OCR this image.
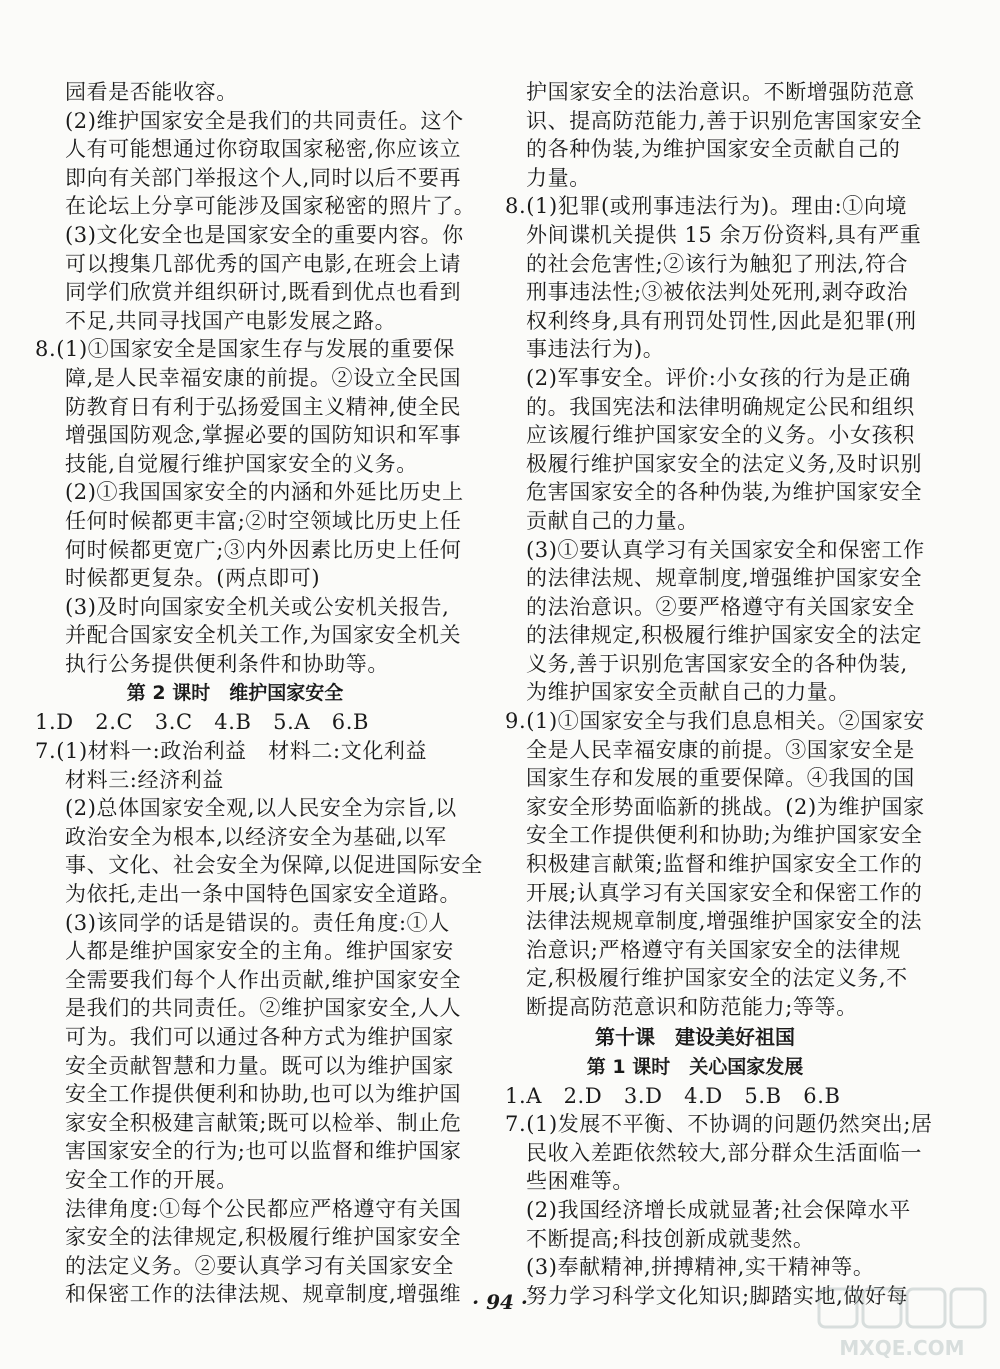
园看是否能收容。
(2)维护国家安全是我们的共同责任。这个
人有可能想通过你窃取国家秘密,你应该立
即向有关部门举报这个人,同时以后不要再
在论坛上分享可能涉及国家秘密的照片了。
(3)文化安全也是国家安全的重要内容。你
可以搜集几部优秀的国产电影,在班会上请
同学们欣赏并组织研讨,既看到优点也看到
不足,共同寻找国产电影发展之路。
8.(1)①国家安全是国家生存与发展的重要保
障,是人民幸福安康的前提。②设立全民国
防教育日有利于弘扬爱国主义精神,使全民
增强国防观念,掌握必要的国防知识和军事
技能,自觉履行维护国家安全的义务。
(2)①我国国家安全的内涵和外延比历史上
任何时候都更丰富;②时空领域比历史上任
何时候都更宽广;③内外因素比历史上任何
时候都更复杂。(两点即可)
(3)及时向国家安全机关或公安机关报告,
并配合国家安全机关工作,为国家安全机关
执行公务提供便利条件和协助等。
第 2 课时　维护国家安全
1.D　2.C　3.C　4.B　5.A　6.B
7.(1)材料一:政治利益　材料二:文化利益
材料三:经济利益
(2)总体国家安全观,以人民安全为宗旨,以
政治安全为根本,以经济安全为基础,以军
事、文化、社会安全为保障,以促进国际安全
为依托,走出一条中国特色国家安全道路。
(3)该同学的话是错误的。责任角度:①人
人都是维护国家安全的主角。维护国家安
全需要我们每个人作出贡献,维护国家安全
是我们的共同责任。②维护国家安全,人人
可为。我们可以通过各种方式为维护国家
安全贡献智慧和力量。既可以为维护国家
安全工作提供便利和协助,也可以为维护国
家安全积极建言献策;既可以检举、制止危
害国家安全的行为;也可以监督和维护国家
安全工作的开展。
法律角度:①每个公民都应严格遵守有关国
家安全的法律规定,积极履行维护国家安全
的法定义务。②要认真学习有关国家安全
和保密工作的法律法规、规章制度,增强维
护国家安全的法治意识。不断增强防范意
识、提高防范能力,善于识别危害国家安全
的各种伪装,为维护国家安全贡献自己的
力量。
8.(1)犯罪(或刑事违法行为)。理由:①向境
外间谍机关提供 15 余万份资料,具有严重
的社会危害性;②该行为触犯了刑法,符合
刑事违法性;③被依法判处死刑,剥夺政治
权利终身,具有刑罚处罚性,因此是犯罪(刑
事违法行为)。
(2)军事安全。评价:小女孩的行为是正确
的。我国宪法和法律明确规定公民和组织
应该履行维护国家安全的义务。小女孩积
极履行维护国家安全的法定义务,及时识别
危害国家安全的各种伪装,为维护国家安全
贡献自己的力量。
(3)①要认真学习有关国家安全和保密工作
的法律法规、规章制度,增强维护国家安全
的法治意识。②要严格遵守有关国家安全
的法律规定,积极履行维护国家安全的法定
义务,善于识别危害国家安全的各种伪装,
为维护国家安全贡献自己的力量。
9.(1)①国家安全与我们息息相关。②国家安
全是人民幸福安康的前提。③国家安全是
国家生存和发展的重要保障。④我国的国
家安全形势面临新的挑战。(2)为维护国家
安全工作提供便利和协助;为维护国家安全
积极建言献策;监督和维护国家安全工作的
开展;认真学习有关国家安全和保密工作的
法律法规规章制度,增强维护国家安全的法
治意识;严格遵守有关国家安全的法律规
定,积极履行维护国家安全的法定义务,不
断提高防范意识和防范能力;等等。
第十课　建设美好祖国
第 1 课时　关心国家发展
1.A　2.D　3.D　4.D　5.B　6.B
7.(1)发展不平衡、不协调的问题仍然突出;居
民收入差距依然较大,部分群众生活面临一
些困难等。
(2)我国经济增长成就显著;社会保障水平
不断提高;科技创新成就斐然。
(3)奉献精神,拼搏精神,实干精神等。
努力学习科学文化知识;脚踏实地,做好每
· 94 ·
MXQE.COM
